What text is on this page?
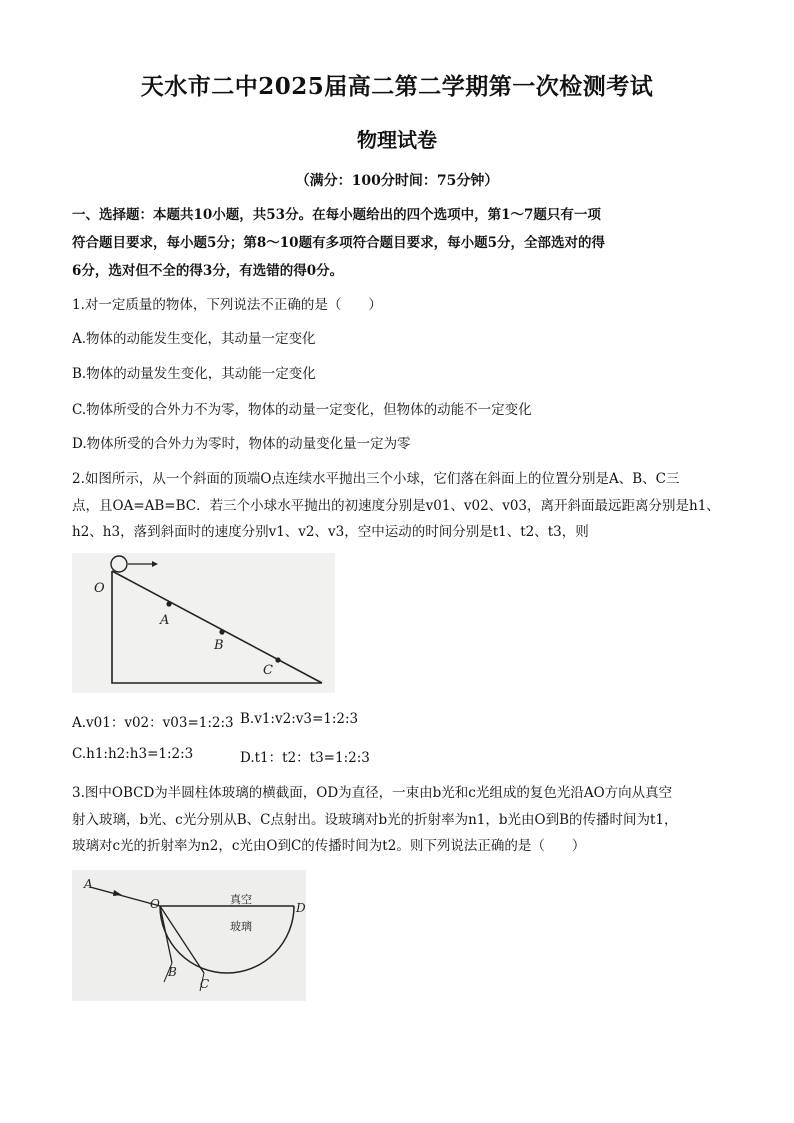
天水市二中2025届高二第二学期第一次检测考试
物理试卷
（满分：100分时间：75分钟）
一、选择题：本题共10小题，共53分。在每小题给出的四个选项中，第1～7题只有一项
符合题目要求，每小题5分；第8～10题有多项符合题目要求，每小题5分，全部选对的得
6分，选对但不全的得3分，有选错的得0分。
1.对一定质量的物体，下列说法不正确的是（　　）
A.物体的动能发生变化，其动量一定变化
B.物体的动量发生变化，其动能一定变化
C.物体所受的合外力不为零，物体的动量一定变化，但物体的动能不一定变化
D.物体所受的合外力为零时，物体的动量变化量一定为零
2.如图所示，从一个斜面的顶端O点连续水平抛出三个小球，它们落在斜面上的位置分别是A、B、C三
点，且OA=AB=BC．若三个小球水平抛出的初速度分别是v01、v02、v03，离开斜面最远距离分别是h1、
h2、h3，落到斜面时的速度分别v1、v2、v3，空中运动的时间分别是t1、t2、t3，则
O
A
B
C
A.v01：v02：v03=1:2:3 B.v1:v2:v3=1:2:3
C.h1:h2:h3=1:2:3	D.t1：t2：t3=1:2:3
3.图中OBCD为半圆柱体玻璃的横截面，OD为直径，一束由b光和c光组成的复色光沿AO方向从真空
射入玻璃，b光、c光分别从B、C点射出。设玻璃对b光的折射率为n1，b光由O到B的传播时间为t1，
玻璃对c光的折射率为n2，c光由O到C的传播时间为t2。则下列说法正确的是（　　）
A
O	D
B
C
真空
玻璃
